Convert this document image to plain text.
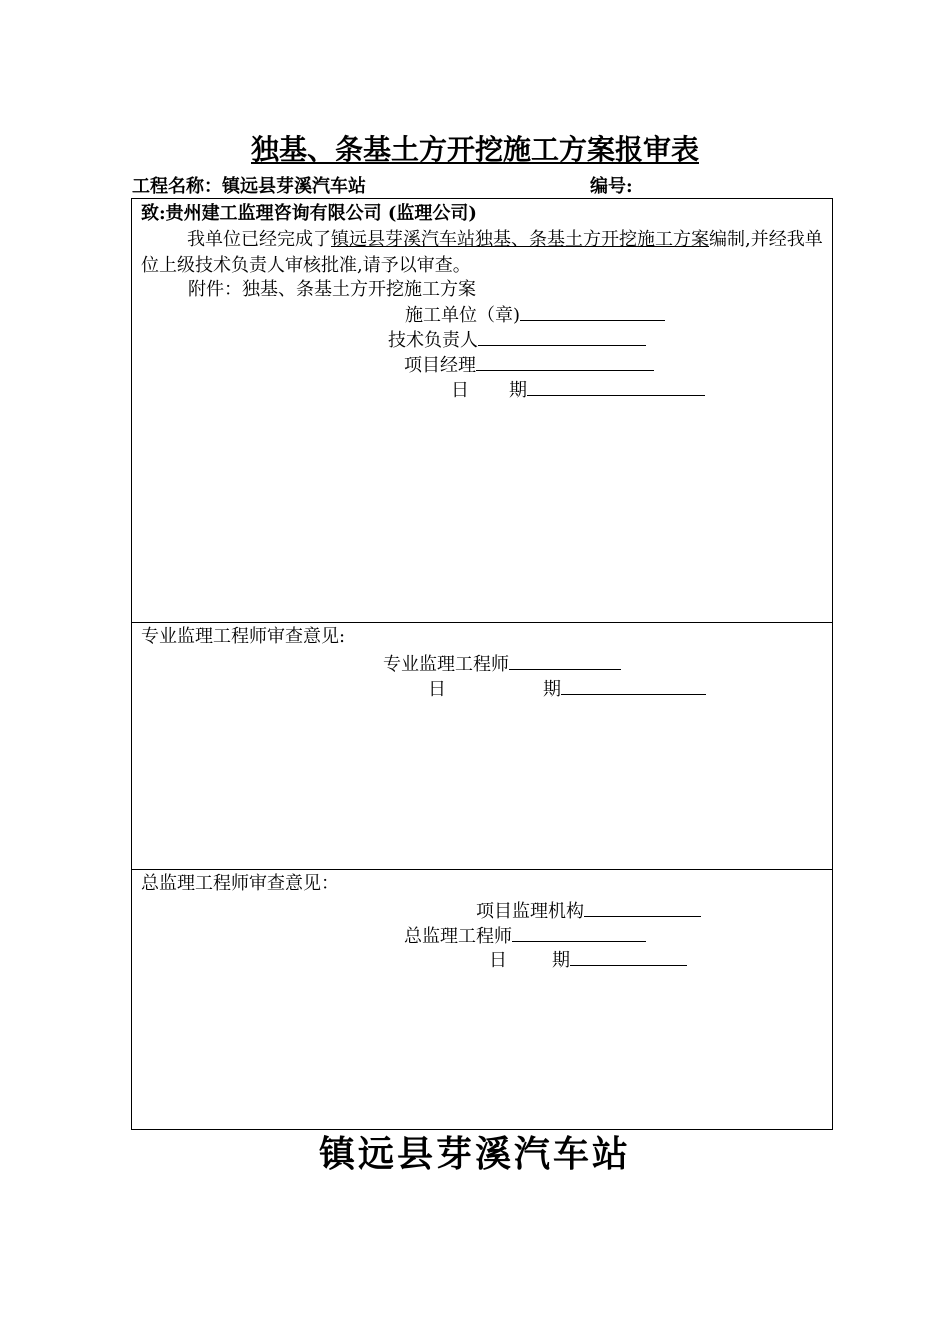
独基、条基土方开挖施工方案报审表
工程名称：镇远县芽溪汽车站	编号:
致:贵州建工监理咨询有限公司 (监理公司)
我单位已经完成了镇远县芽溪汽车站独基、条基土方开挖施工方案编制,并经我单位上级技术负责人审核批准,请予以审查。
附件：独基、条基土方开挖施工方案
施工单位（章)
技术负责人
项目经理
日 期
专业监理工程师审查意见:
专业监理工程师
日	期
总监理工程师审查意见：
项目监理机构
总监理工程师
日	期
镇远县芽溪汽车站
